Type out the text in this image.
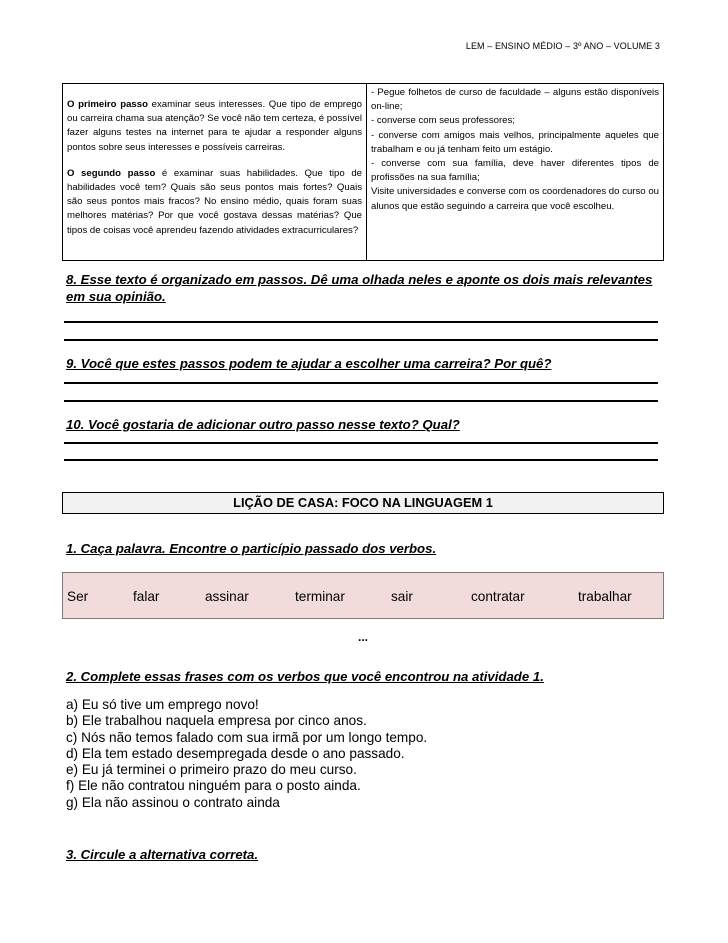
LEM – ENSINO MÉDIO – 3º ANO – VOLUME 3

O primeiro passo examinar seus interesses. Que tipo de emprego ou carreira chama sua atenção? Se você não tem certeza, é possível fazer alguns testes na internet para te ajudar a responder alguns pontos sobre seus interesses e possíveis carreiras.

O segundo passo é examinar suas habilidades. Que tipo de habilidades você tem? Quais são seus pontos mais fortes? Quais são seus pontos mais fracos? No ensino médio, quais foram suas melhores matérias? Por que você gostava dessas matérias? Que tipos de coisas você aprendeu fazendo atividades extracurriculares?

- Pegue folhetos de curso de faculdade – alguns estão disponíveis on-line;

- converse com seus professores;

- converse com amigos mais velhos, principalmente aqueles que trabalham e ou já tenham feito um estágio.

- converse com sua família, deve haver diferentes tipos de profissões na sua família;

Visite universidades e converse com os coordenadores do curso ou alunos que estão seguindo a carreira que você escolheu.

8. Esse texto é organizado em passos. Dê uma olhada neles e aponte os dois mais relevantes em sua opinião.
9. Você que estes passos podem te ajudar a escolher uma carreira? Por quê?
10. Você gostaria de adicionar outro passo nesse texto? Qual?
LIÇÃO DE CASA: FOCO NA LINGUAGEM 1
1. Caça palavra. Encontre o particípio passado dos verbos.
Ser	falar	assinar	terminar	sair	contratar	trabalhar
...
2. Complete essas frases com os verbos que você encontrou na atividade 1.
a) Eu só tive um emprego novo!
b) Ele trabalhou naquela empresa por cinco anos.
c) Nós não temos falado com sua irmã por um longo tempo.
d) Ela tem estado desempregada desde o ano passado.
e) Eu já terminei o primeiro prazo do meu curso.
f) Ele não contratou ninguém para o posto ainda.
g) Ela não assinou o contrato ainda
3. Circule a alternativa correta.
